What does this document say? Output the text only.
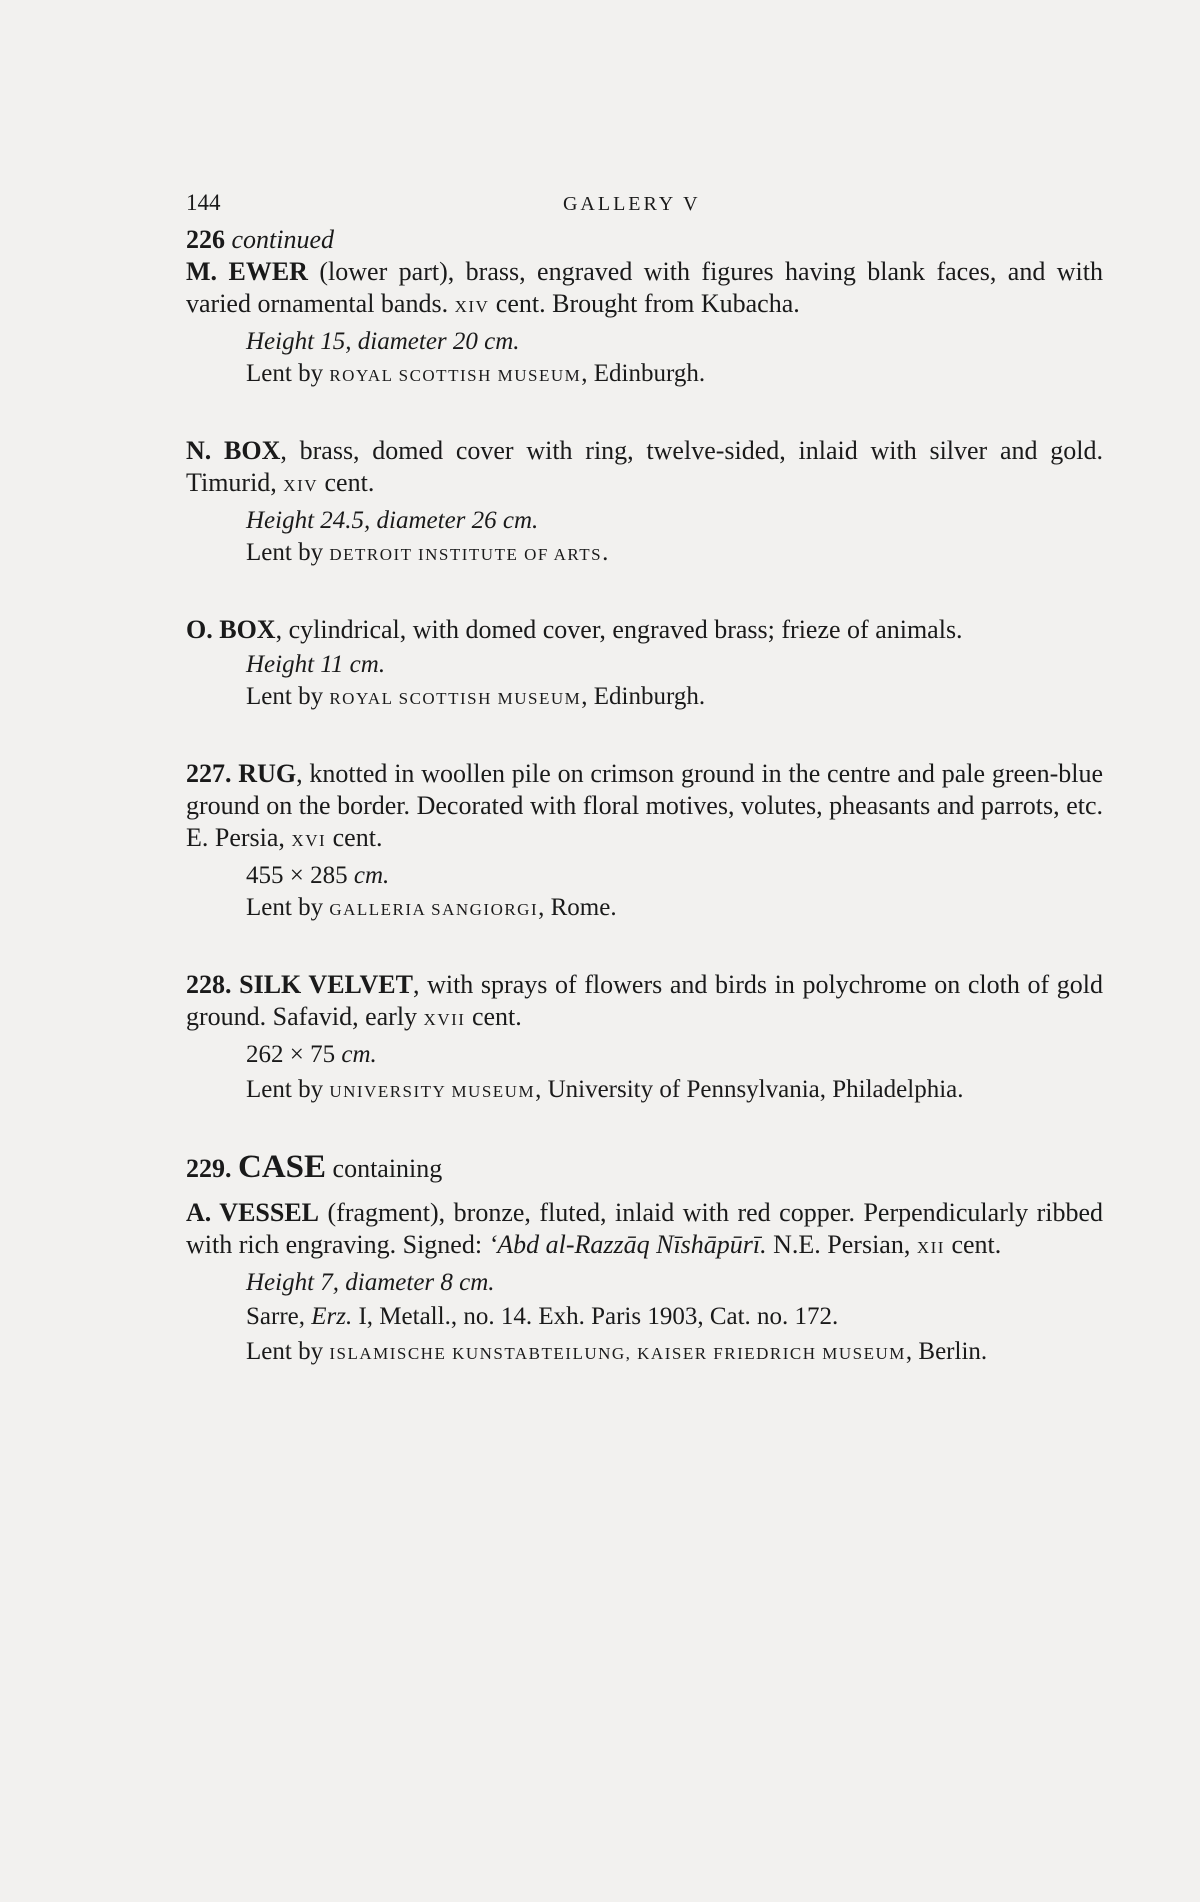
144	GALLERY V

226 continued

M. EWER (lower part), brass, engraved with figures having blank faces, and with varied ornamental bands. XIV cent. Brought from Kubacha.

Height 15, diameter 20 cm.

Lent by ROYAL SCOTTISH MUSEUM, Edinburgh.

N. BOX, brass, domed cover with ring, twelve-sided, inlaid with silver and gold. Timurid, XIV cent.

Height 24.5, diameter 26 cm.

Lent by DETROIT INSTITUTE OF ARTS.

O. BOX, cylindrical, with domed cover, engraved brass; frieze of animals.

Height 11 cm.

Lent by ROYAL SCOTTISH MUSEUM, Edinburgh.

227. RUG, knotted in woollen pile on crimson ground in the centre and pale green-blue ground on the border. Decorated with floral motives, volutes, pheasants and parrots, etc. E. Persia, XVI cent.

455 × 285 cm.

Lent by GALLERIA SANGIORGI, Rome.

228. SILK VELVET, with sprays of flowers and birds in polychrome on cloth of gold ground. Safavid, early XVII cent.

262 × 75 cm.

Lent by UNIVERSITY MUSEUM, University of Pennsylvania, Philadelphia.

229. CASE containing

A. VESSEL (fragment), bronze, fluted, inlaid with red copper. Perpendicularly ribbed with rich engraving. Signed: ‘Abd al-Razzāq Nīshāpūrī. N.E. Persian, XII cent.

Height 7, diameter 8 cm.

Sarre, Erz. I, Metall., no. 14. Exh. Paris 1903, Cat. no. 172.

Lent by ISLAMISCHE KUNSTABTEILUNG, KAISER FRIEDRICH MUSEUM, Berlin.
